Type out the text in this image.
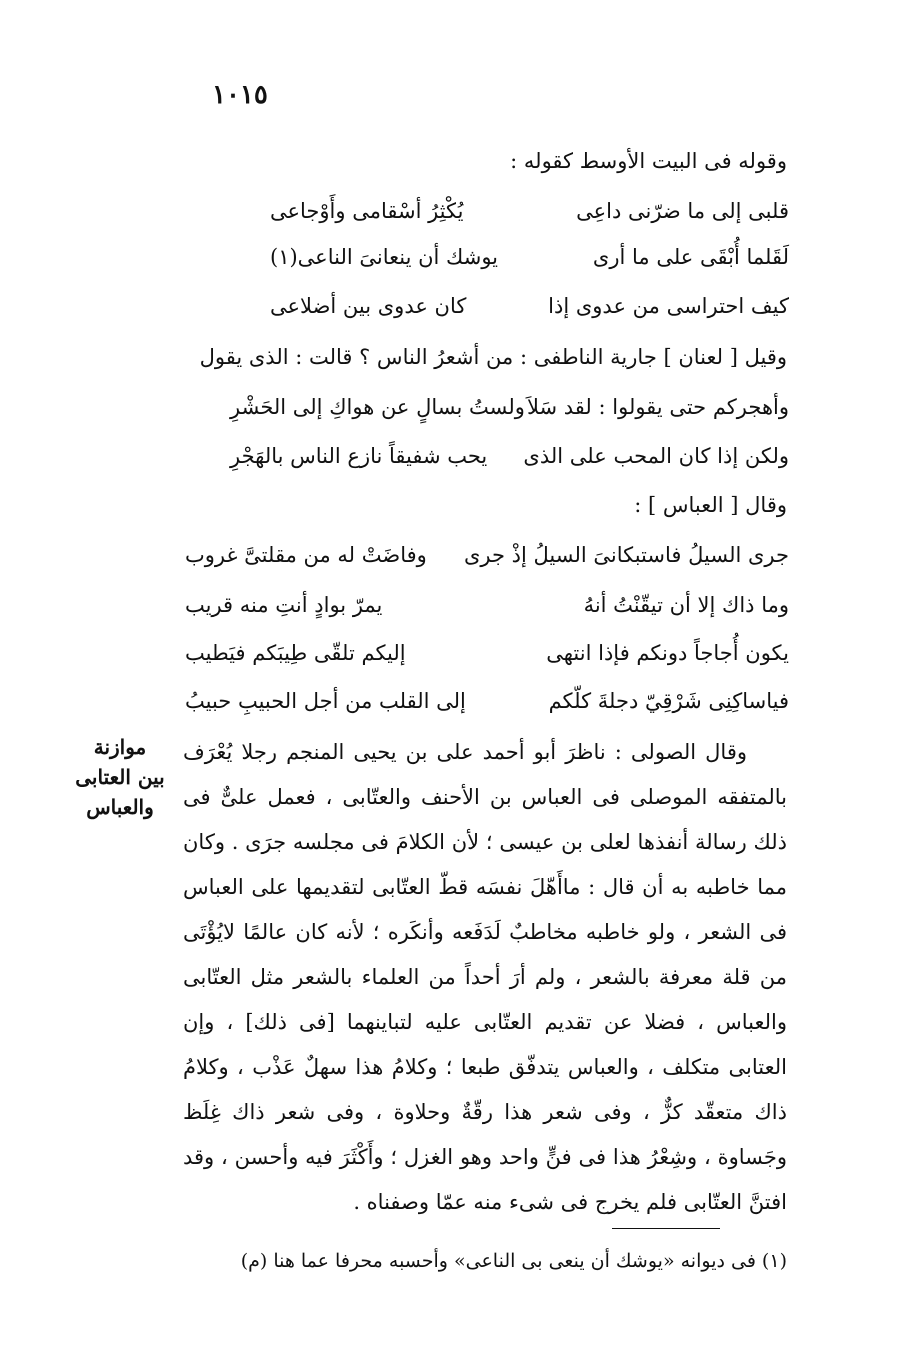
١٠١٥
وقوله فى البيت الأوسط كقوله :
قلبى إلى ما ضرّنى داعِى
يُكْثِرُ أسْقامى وأَوْجاعى
لَقَلما أُبْقَى على ما أرى
يوشك أن ينعانىَ الناعى(١)
كيف احتراسى من عدوى إذا
كان عدوى بين أضلاعى
وقيل [ لعنان ] جارية الناطفى : من أشعرُ الناس ؟ قالت : الذى يقول
وأهجركم حتى يقولوا : لقد سَلاَ
ولستُ بسالٍ عن هواكِ إلى الحَشْرِ
ولكن إذا كان المحب على الذى
يحب شفيقاً نازع الناس بالهَجْرِ
وقال [ العباس ] :
جرى السيلُ فاستبكانىَ السيلُ إذْ جرى
وفاضَتْ له من مقلتىَّ غروب
وما ذاك إلا أن تيقّنْتُ أنهُ
يمرّ بوادٍ أنتِ منه قريب
يكون أُجاجاً دونكم فإذا انتهى
إليكم تلقّى طِيبَكم فيَطيب
فياساكِنِى شَرْقِيّ دجلةَ كلّكم
إلى القلب من أجل الحبيبِ حبيبُ
موازنة
بين العتابى
والعباس

وقال الصولى : ناظرَ أبو أحمد على بن يحيى المنجم رجلا يُعْرَف بالمتفقه الموصلى فى العباس بن الأحنف والعتّابى ، فعمل علىٌّ فى ذلك رسالة أنفذها لعلى بن عيسى ؛ لأن الكلامَ فى مجلسه جرَى . وكان مما خاطبه به أن قال : ماأَهّلَ نفسَه قطّ العتّابى لتقديمها على العباس فى الشعر ، ولو خاطبه مخاطبٌ لَدَفَعه وأنكَره ؛ لأنه كان عالمًا لايُؤْتَى من قلة معرفة بالشعر ، ولم أرَ أحداً من العلماء بالشعر مثل العتّابى والعباس ، فضلا عن تقديم العتّابى عليه لتباينهما [فى ذلك] ، وإن العتابى متكلف ، والعباس يتدفّق طبعا ؛ وكلامُ هذا سهلٌ عَذْب ، وكلامُ ذاك متعقّد كزٌّ ، وفى شعر هذا رقّةٌ وحلاوة ، وفى شعر ذاك غِلَظ وجَساوة ، وشِعْرُ هذا فى فنٍّ واحد وهو الغزل ؛ وأَكْثَرَ فيه وأحسن ، وقد افتنَّ العتّابى فلم يخرج فى شىء منه عمّا وصفناه .

(١) فى ديوانه «يوشك أن ينعى بى الناعى» وأحسبه محرفا عما هنا (م)
